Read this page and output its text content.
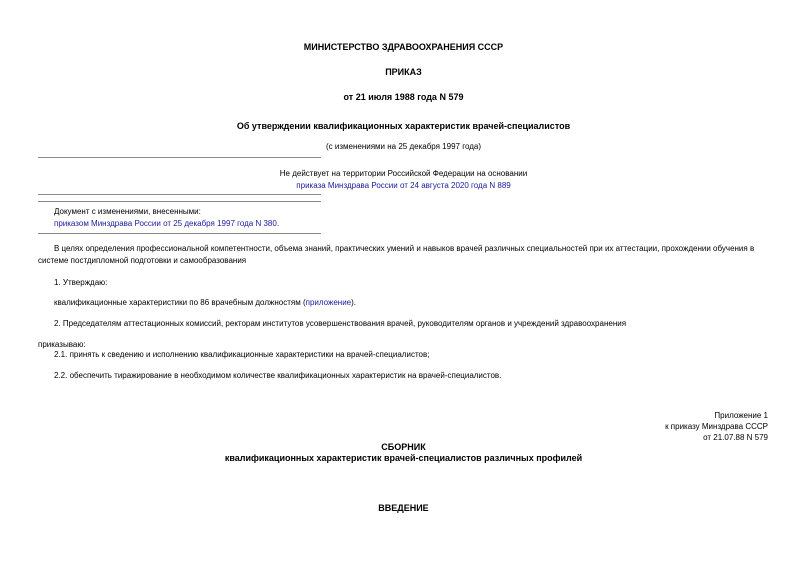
МИНИСТЕРСТВО ЗДРАВООХРАНЕНИЯ СССР
ПРИКАЗ
от 21 июля 1988 года N 579
Об утверждении квалификационных характеристик врачей-специалистов
(с изменениями на 25 декабря 1997 года)
Не действует на территории Российской Федерации на основании
приказа Минздрава России от 24 августа 2020 года N 889
Документ с изменениями, внесенными:
приказом Минздрава России от 25 декабря 1997 года N 380.
В целях определения профессиональной компетентности, объема знаний, практических умений и навыков врачей различных специальностей при их аттестации, прохождении обучения в системе постдипломной подготовки и самообразования
1. Утверждаю:
квалификационные характеристики по 86 врачебным должностям (приложение).
2. Председателям аттестационных комиссий, ректорам институтов усовершенствования врачей, руководителям органов и учреждений здравоохранения
приказываю:
2.1. принять к сведению и исполнению квалификационные характеристики на врачей-специалистов;
2.2. обеспечить тиражирование в необходимом количестве квалификационных характеристик на врачей-специалистов.
Приложение 1
к приказу Минздрава СССР
от 21.07.88 N 579
СБОРНИК
квалификационных характеристик врачей-специалистов различных профилей
ВВЕДЕНИЕ
